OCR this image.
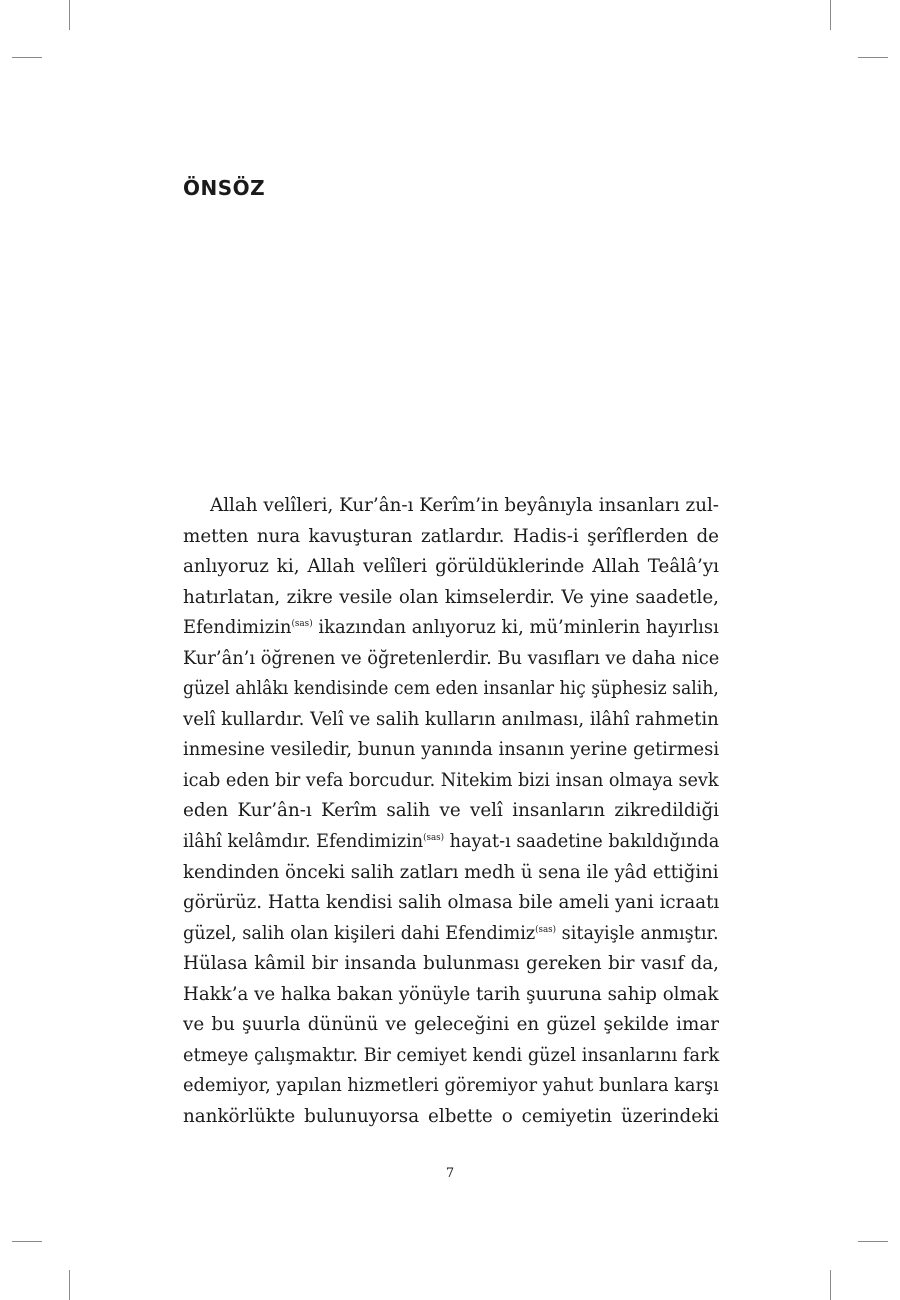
ÖNSÖZ
Allah velîleri, Kur’ân-ı Kerîm’in beyânıyla insanları zul-
metten nura kavuşturan zatlardır. Hadis-i şerîflerden de
anlıyoruz ki, Allah velîleri görüldüklerinde Allah Teâlâ’yı
hatırlatan, zikre vesile olan kimselerdir. Ve yine saadetle,
Efendimizin$^{(sas)}$ ikazından anlıyoruz ki, mü’minlerin hayırlısı
Kur’ân’ı öğrenen ve öğretenlerdir. Bu vasıfları ve daha nice
güzel ahlâkı kendisinde cem eden insanlar hiç şüphesiz salih,
velî kullardır. Velî ve salih kulların anılması, ilâhî rahmetin
inmesine vesiledir, bunun yanında insanın yerine getirmesi
icab eden bir vefa borcudur. Nitekim bizi insan olmaya sevk
eden Kur’ân-ı Kerîm salih ve velî insanların zikredildiği
ilâhî kelâmdır. Efendimizin$^{(sas)}$ hayat-ı saadetine bakıldığında
kendinden önceki salih zatları medh ü sena ile yâd ettiğini
görürüz. Hatta kendisi salih olmasa bile ameli yani icraatı
güzel, salih olan kişileri dahi Efendimiz$^{(sas)}$ sitayişle anmıştır.
Hülasa kâmil bir insanda bulunması gereken bir vasıf da,
Hakk’a ve halka bakan yönüyle tarih şuuruna sahip olmak
ve bu şuurla dününü ve geleceğini en güzel şekilde imar
etmeye çalışmaktır. Bir cemiyet kendi güzel insanlarını fark
edemiyor, yapılan hizmetleri göremiyor yahut bunlara karşı
nankörlükte bulunuyorsa elbette o cemiyetin üzerindeki
7
